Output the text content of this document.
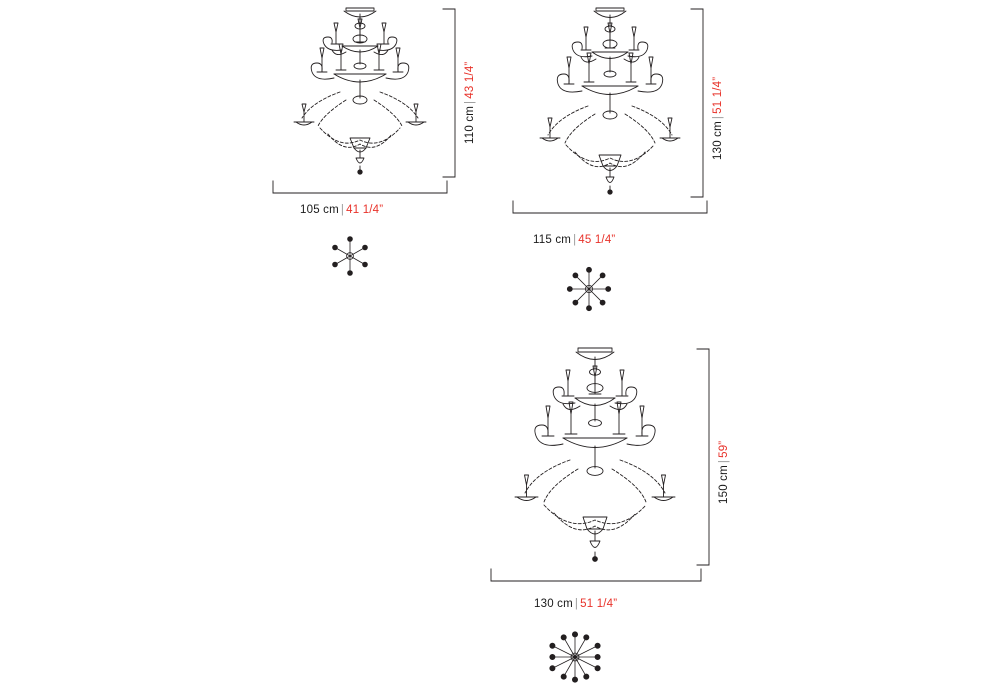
105 cm | 41 1/4”
110 cm|43 1/4”
115 cm | 45 1/4”
130 cm|51 1/4”
130 cm | 51 1/4”
150 cm|59”
